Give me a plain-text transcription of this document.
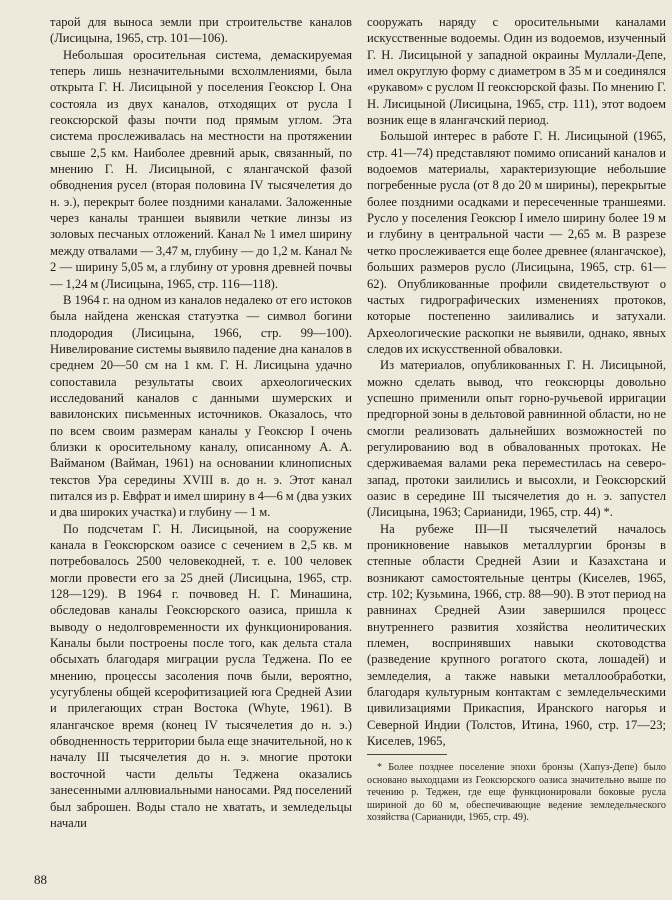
тарой для выноса земли при строительстве каналов (Лисицына, 1965, стр. 101—106).

Небольшая оросительная система, демаскируемая теперь лишь незначительными всхолмлениями, была открыта Г. Н. Лисицыной у поселения Геоксюр I. Она состояла из двух каналов, отходящих от русла I геоксюрской фазы почти под прямым углом. Эта система прослеживалась на местности на протяжении свыше 2,5 км. Наиболее древний арык, связанный, по мнению Г. Н. Лисицыной, с ялангачской фазой обводнения русел (вторая половина IV тысячелетия до н. э.), перекрыт более поздними каналами. Заложенные через каналы траншеи выявили четкие линзы из золовых песчаных отложений. Канал № 1 имел ширину между отвалами — 3,47 м, глубину — до 1,2 м. Канал № 2 — ширину 5,05 м, а глубину от уровня древней почвы — 1,24 м (Лисицына, 1965, стр. 116—118).

В 1964 г. на одном из каналов недалеко от его истоков была найдена женская статуэтка — символ богини плодородия (Лисицына, 1966, стр. 99—100). Нивелирование системы выявило падение дна каналов в среднем 20—50 см на 1 км. Г. Н. Лисицына удачно сопоставила результаты своих археологических исследований каналов с данными шумерских и вавилонских письменных источников. Оказалось, что по всем своим размерам каналы у Геоксюр I очень близки к оросительному каналу, описанному А. А. Вайманом (Вайман, 1961) на основании клинописных текстов Ура середины XVIII в. до н. э. Этот канал питался из р. Евфрат и имел ширину в 4—6 м (два узких и два широких участка) и глубину — 1 м.

По подсчетам Г. Н. Лисицыной, на сооружение канала в Геоксюрском оазисе с сечением в 2,5 кв. м потребовалось 2500 человекодней, т. е. 100 человек могли провести его за 25 дней (Лисицына, 1965, стр. 128—129). В 1964 г. почвовед Н. Г. Минашина, обследовав каналы Геоксюрского оазиса, пришла к выводу о недолговременности их функционирования. Каналы были построены после того, как дельта стала обсыхать благодаря миграции русла Теджена. По ее мнению, процессы засоления почв были, вероятно, усугублены общей ксерофитизацией юга Средней Азии и прилегающих стран Востока (Whyte, 1961). В ялангачское время (конец IV тысячелетия до н. э.) обводненность территории была еще значительной, но к началу III тысячелетия до н. э. многие протоки восточной части дельты Теджена оказались занесенными аллювиальными наносами. Ряд поселений был заброшен. Воды стало не хватать, и земледельцы начали

сооружать наряду с оросительными каналами искусственные водоемы. Один из водоемов, изученный Г. Н. Лисицыной у западной окраины Муллали-Депе, имел округлую форму с диаметром в 35 м и соединялся «рукавом» с руслом II геоксюрской фазы. По мнению Г. Н. Лисицыной (Лисицына, 1965, стр. 111), этот водоем возник еще в ялангачский период.

Большой интерес в работе Г. Н. Лисицыной (1965, стр. 41—74) представляют помимо описаний каналов и водоемов материалы, характеризующие небольшие погребенные русла (от 8 до 20 м ширины), перекрытые более поздними осадками и пересеченные траншеями. Русло у поселения Геоксюр I имело ширину более 19 м и глубину в центральной части — 2,65 м. В разрезе четко прослеживается еще более древнее (ялангачское), больших размеров русло (Лисицына, 1965, стр. 61—62). Опубликованные профили свидетельствуют о частых гидрографических изменениях протоков, которые постепенно заиливались и затухали. Археологические раскопки не выявили, однако, явных следов их искусственной обваловки.

Из материалов, опубликованных Г. Н. Лисицыной, можно сделать вывод, что геоксюрцы довольно успешно применили опыт горно-ручьевой ирригации предгорной зоны в дельтовой равнинной области, но не смогли реализовать дальнейших возможностей по регулированию вод в обвалованных протоках. Не сдерживаемая валами река переместилась на северо-запад, протоки заилились и высохли, и Геоксюрский оазис в середине III тысячелетия до н. э. запустел (Лисицына, 1963; Сарианиди, 1965, стр. 44) *.

На рубеже III—II тысячелетий началось проникновение навыков металлургии бронзы в степные области Средней Азии и Казахстана и возникают самостоятельные центры (Киселев, 1965, стр. 102; Кузьмина, 1966, стр. 88—90). В этот период на равнинах Средней Азии завершился процесс внутреннего развития хозяйства неолитических племен, воспринявших навыки скотоводства (разведение крупного рогатого скота, лошадей) и земледелия, а также навыки металлообработки, благодаря культурным контактам с земледельческими цивилизациями Прикаспия, Иранского нагорья и Северной Индии (Толстов, Итина, 1960, стр. 17—23; Киселев, 1965,

* Более позднее поселение эпохи бронзы (Хапуз-Депе) было основано выходцами из Геоксюрского оазиса значительно выше по течению р. Теджен, где еще функционировали боковые русла шириной до 60 м, обеспечивающие ведение земледельческого хозяйства (Сарианиди, 1965, стр. 49).

88
